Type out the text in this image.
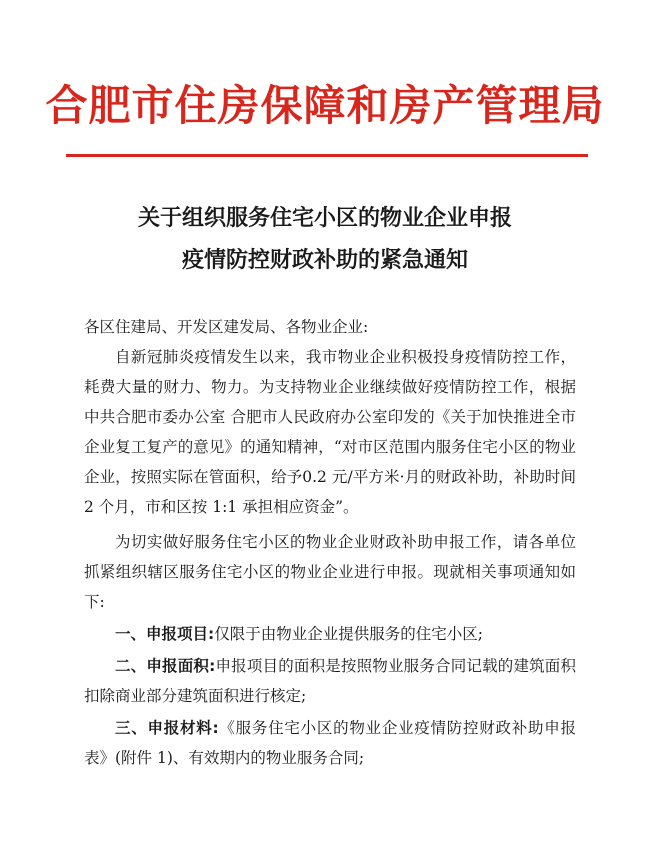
合肥市住房保障和房产管理局
关于组织服务住宅小区的物业企业申报
疫情防控财政补助的紧急通知

各区住建局、开发区建发局、各物业企业:

自新冠肺炎疫情发生以来，我市物业企业积极投身疫情防控工作，耗费大量的财力、物力。为支持物业企业继续做好疫情防控工作，根据中共合肥市委办公室 合肥市人民政府办公室印发的《关于加快推进全市企业复工复产的意见》的通知精神，“对市区范围内服务住宅小区的物业企业，按照实际在管面积，给予0.2 元/平方米·月的财政补助，补助时间 2 个月，市和区按 1:1 承担相应资金”。

为切实做好服务住宅小区的物业企业财政补助申报工作，请各单位抓紧组织辖区服务住宅小区的物业企业进行申报。现就相关事项通知如下:

一、申报项目:仅限于由物业企业提供服务的住宅小区;

二、申报面积:申报项目的面积是按照物业服务合同记载的建筑面积扣除商业部分建筑面积进行核定;

三、申报材料:《服务住宅小区的物业企业疫情防控财政补助申报表》(附件 1)、有效期内的物业服务合同;
